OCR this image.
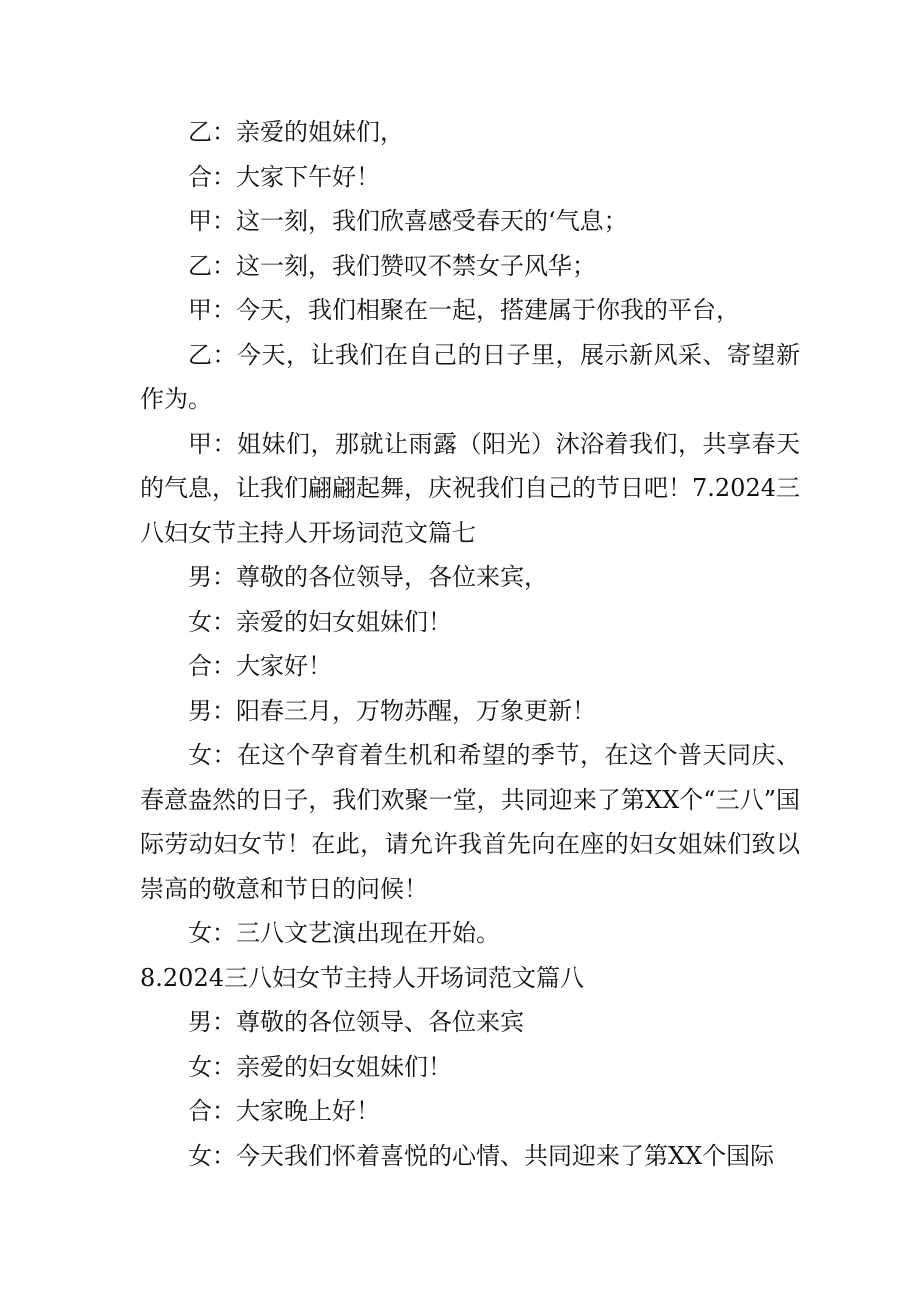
乙：亲爱的姐妹们，

合：大家下午好！

甲：这一刻，我们欣喜感受春天的‘气息；

乙：这一刻，我们赞叹不禁女子风华；

甲：今天，我们相聚在一起，搭建属于你我的平台，

乙：今天，让我们在自己的日子里，展示新风采、寄望新作为。

甲：姐妹们，那就让雨露（阳光）沐浴着我们，共享春天的气息，让我们翩翩起舞，庆祝我们自己的节日吧！7.2024三八妇女节主持人开场词范文篇七

男：尊敬的各位领导，各位来宾，

女：亲爱的妇女姐妹们！

合：大家好！

男：阳春三月，万物苏醒，万象更新！

女：在这个孕育着生机和希望的季节，在这个普天同庆、春意盎然的日子，我们欢聚一堂，共同迎来了第XX个“三八”国际劳动妇女节！在此，请允许我首先向在座的妇女姐妹们致以崇高的敬意和节日的问候！

女：三八文艺演出现在开始。

8.2024三八妇女节主持人开场词范文篇八

男：尊敬的各位领导、各位来宾

女：亲爱的妇女姐妹们！

合：大家晚上好！

女：今天我们怀着喜悦的心情、共同迎来了第XX个国际
